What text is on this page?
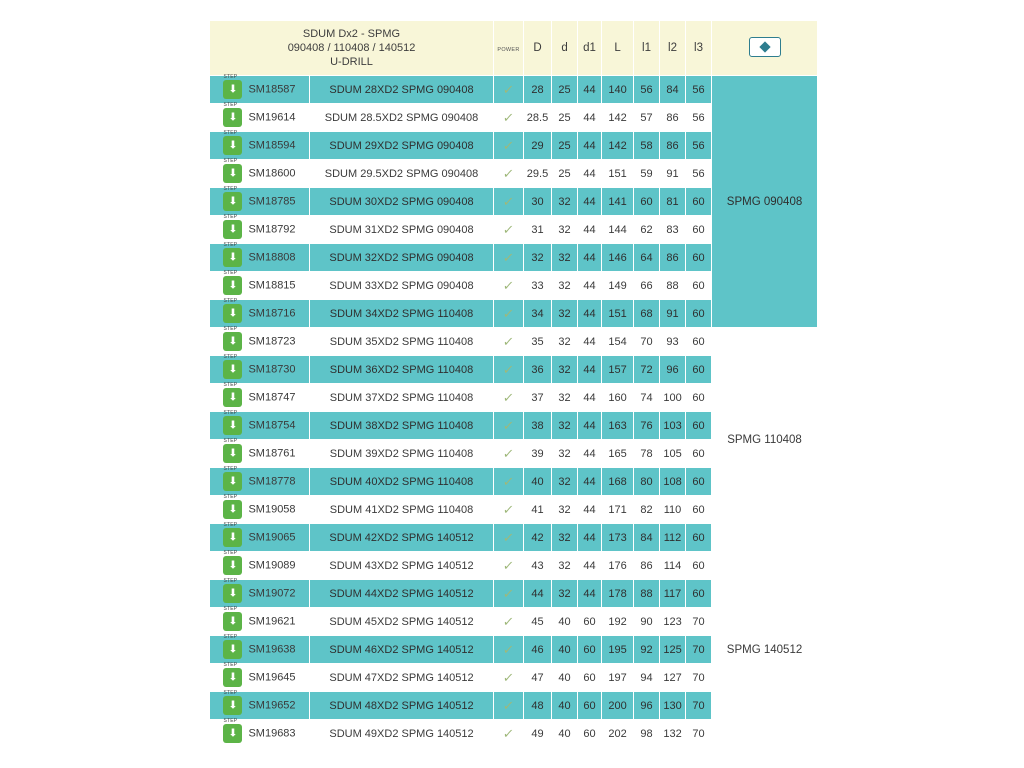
SDUM Dx2 - SPMG
090408 / 110408 / 140512
U-DRILL		POWER	D	d	d1	L	l1	l2	l3	

STEP
⬇ SM18587	SDUM 28XD2 SPMG 090408	✓	28	25	44	140	56	84	56	SPMG 090408

STEP
⬇ SM19614	SDUM 28.5XD2 SPMG 090408	✓	28.5	25	44	142	57	86	56	

STEP
⬇ SM18594	SDUM 29XD2 SPMG 090408	✓	29	25	44	142	58	86	56	

STEP
⬇ SM18600	SDUM 29.5XD2 SPMG 090408	✓	29.5	25	44	151	59	91	56	

STEP
⬇ SM18785	SDUM 30XD2 SPMG 090408	✓	30	32	44	141	60	81	60	

STEP
⬇ SM18792	SDUM 31XD2 SPMG 090408	✓	31	32	44	144	62	83	60	

STEP
⬇ SM18808	SDUM 32XD2 SPMG 090408	✓	32	32	44	146	64	86	60	

STEP
⬇ SM18815	SDUM 33XD2 SPMG 090408	✓	33	32	44	149	66	88	60	

STEP
⬇ SM18716	SDUM 34XD2 SPMG 110408	✓	34	32	44	151	68	91	60	

STEP
⬇ SM18723	SDUM 35XD2 SPMG 110408	✓	35	32	44	154	70	93	60	SPMG 110408

STEP
⬇ SM18730	SDUM 36XD2 SPMG 110408	✓	36	32	44	157	72	96	60	

STEP
⬇ SM18747	SDUM 37XD2 SPMG 110408	✓	37	32	44	160	74	100	60	

STEP
⬇ SM18754	SDUM 38XD2 SPMG 110408	✓	38	32	44	163	76	103	60	

STEP
⬇ SM18761	SDUM 39XD2 SPMG 110408	✓	39	32	44	165	78	105	60	

STEP
⬇ SM18778	SDUM 40XD2 SPMG 110408	✓	40	32	44	168	80	108	60	

STEP
⬇ SM19058	SDUM 41XD2 SPMG 110408	✓	41	32	44	171	82	110	60	

STEP
⬇ SM19065	SDUM 42XD2 SPMG 140512	✓	42	32	44	173	84	112	60	

STEP
⬇ SM19089	SDUM 43XD2 SPMG 140512	✓	43	32	44	176	86	114	60	SPMG 140512

STEP
⬇ SM19072	SDUM 44XD2 SPMG 140512	✓	44	32	44	178	88	117	60	

STEP
⬇ SM19621	SDUM 45XD2 SPMG 140512	✓	45	40	60	192	90	123	70	

STEP
⬇ SM19638	SDUM 46XD2 SPMG 140512	✓	46	40	60	195	92	125	70	

STEP
⬇ SM19645	SDUM 47XD2 SPMG 140512	✓	47	40	60	197	94	127	70	

STEP
⬇ SM19652	SDUM 48XD2 SPMG 140512	✓	48	40	60	200	96	130	70	

STEP
⬇ SM19683	SDUM 49XD2 SPMG 140512	✓	49	40	60	202	98	132	70	
